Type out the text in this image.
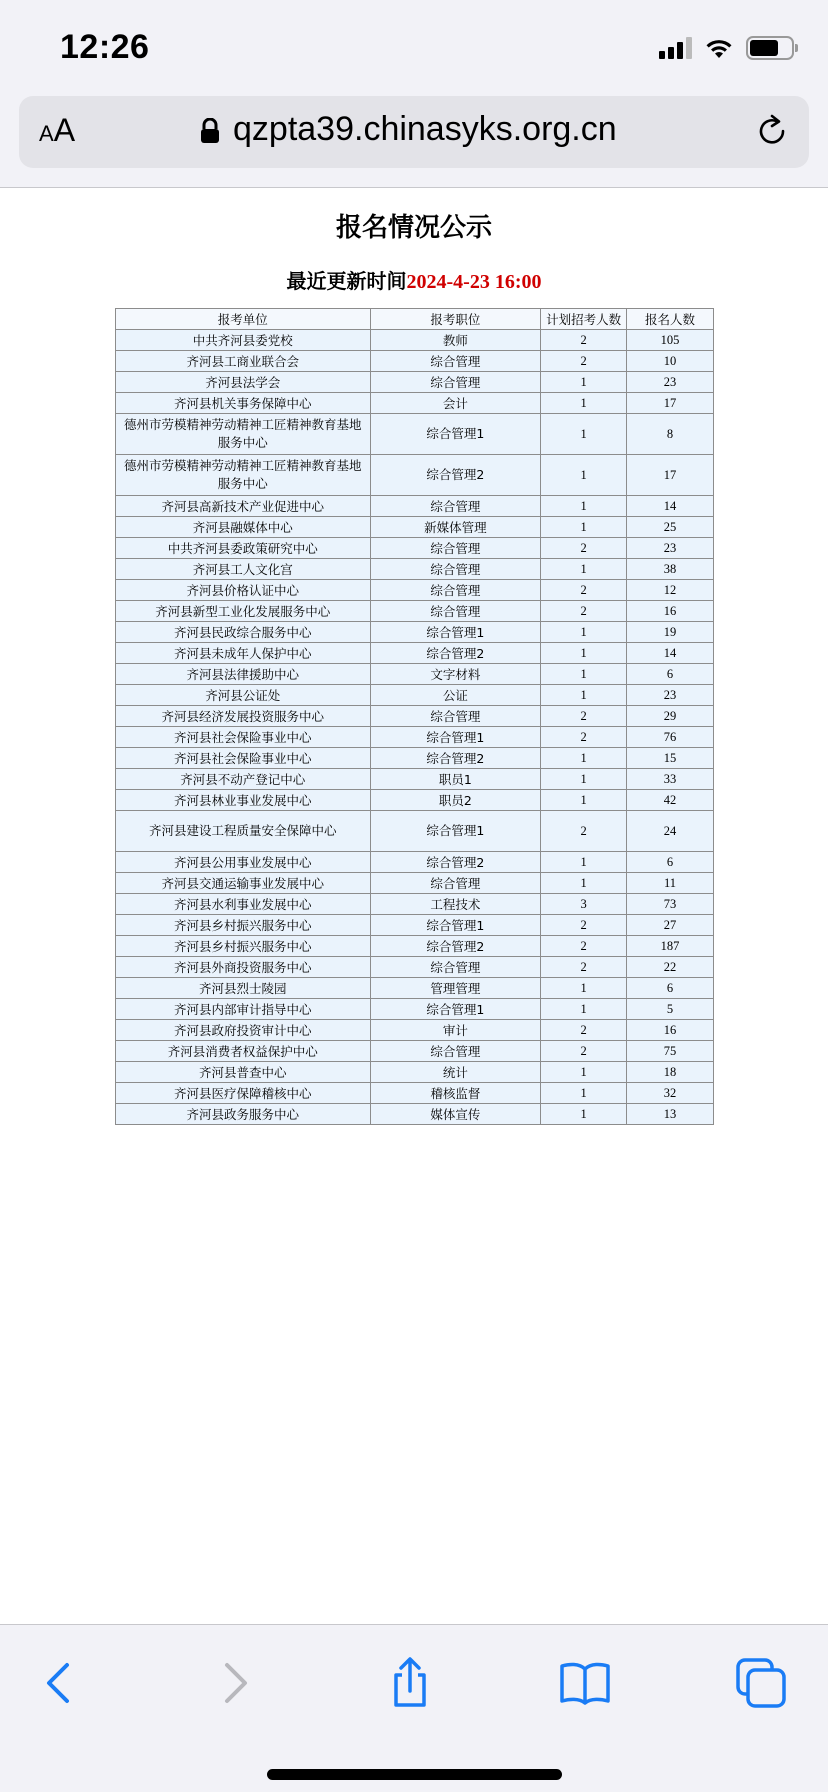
12:26
AA	qzpta39.chinasyks.org.cn
报名情况公示
最近更新时间2024-4-23 16:00
报考单位	报考职位	计划招考人数	报名人数
中共齐河县委党校	教师	2	105
齐河县工商业联合会	综合管理	2	10
齐河县法学会	综合管理	1	23
齐河县机关事务保障中心	会计	1	17
德州市劳模精神劳动精神工匠精神教育基地服务中心	综合管理1	1	8
德州市劳模精神劳动精神工匠精神教育基地服务中心	综合管理2	1	17
齐河县高新技术产业促进中心	综合管理	1	14
齐河县融媒体中心	新媒体管理	1	25
中共齐河县委政策研究中心	综合管理	2	23
齐河县工人文化宫	综合管理	1	38
齐河县价格认证中心	综合管理	2	12
齐河县新型工业化发展服务中心	综合管理	2	16
齐河县民政综合服务中心	综合管理1	1	19
齐河县未成年人保护中心	综合管理2	1	14
齐河县法律援助中心	文字材料	1	6
齐河县公证处	公证	1	23
齐河县经济发展投资服务中心	综合管理	2	29
齐河县社会保险事业中心	综合管理1	2	76
齐河县社会保险事业中心	综合管理2	1	15
齐河县不动产登记中心	职员1	1	33
齐河县林业事业发展中心	职员2	1	42
齐河县建设工程质量安全保障中心	综合管理1	2	24
齐河县公用事业发展中心	综合管理2	1	6
齐河县交通运输事业发展中心	综合管理	1	11
齐河县水利事业发展中心	工程技术	3	73
齐河县乡村振兴服务中心	综合管理1	2	27
齐河县乡村振兴服务中心	综合管理2	2	187
齐河县外商投资服务中心	综合管理	2	22
齐河县烈士陵园	管理管理	1	6
齐河县内部审计指导中心	综合管理1	1	5
齐河县政府投资审计中心	审计	2	16
齐河县消费者权益保护中心	综合管理	2	75
齐河县普查中心	统计	1	18
齐河县医疗保障稽核中心	稽核监督	1	32
齐河县政务服务中心	媒体宣传	1	13
